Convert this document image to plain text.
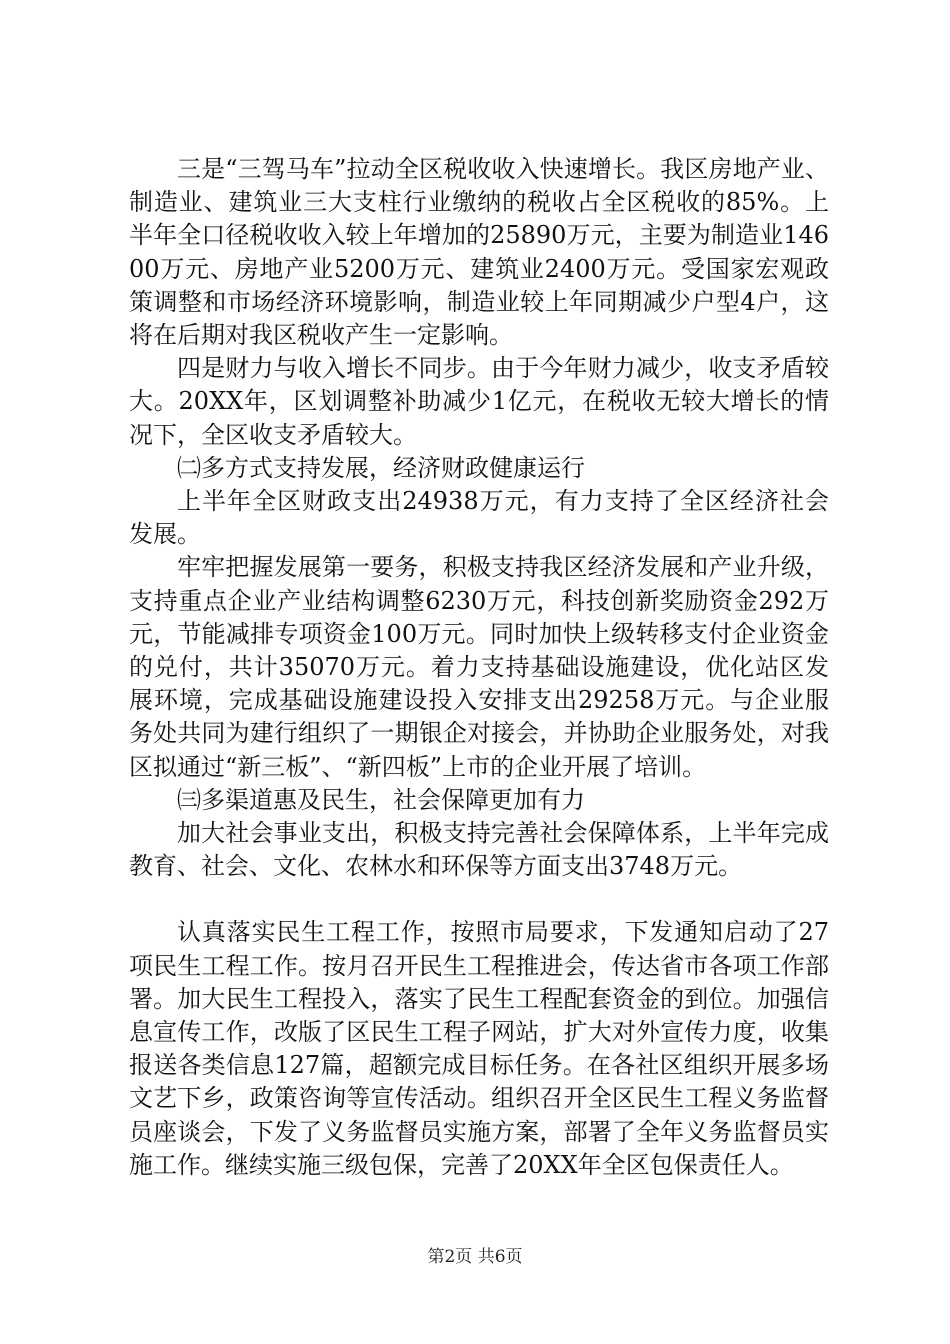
三是“三驾马车”拉动全区税收收入快速增长。我区房地产业、制造业、建筑业三大支柱行业缴纳的税收占全区税收的85%。上半年全口径税收收入较上年增加的25890万元，主要为制造业14600万元、房地产业5200万元、建筑业2400万元。受国家宏观政策调整和市场经济环境影响，制造业较上年同期减少户型4户，这将在后期对我区税收产生一定影响。

四是财力与收入增长不同步。由于今年财力减少，收支矛盾较大。20XX年，区划调整补助减少1亿元，在税收无较大增长的情况下，全区收支矛盾较大。

㈡多方式支持发展，经济财政健康运行

上半年全区财政支出24938万元，有力支持了全区经济社会发展。

牢牢把握发展第一要务，积极支持我区经济发展和产业升级，支持重点企业产业结构调整6230万元，科技创新奖励资金292万元，节能减排专项资金100万元。同时加快上级转移支付企业资金的兑付，共计35070万元。着力支持基础设施建设，优化站区发展环境，完成基础设施建设投入安排支出29258万元。与企业服务处共同为建行组织了一期银企对接会，并协助企业服务处，对我区拟通过“新三板”、“新四板”上市的企业开展了培训。

㈢多渠道惠及民生，社会保障更加有力

加大社会事业支出，积极支持完善社会保障体系，上半年完成教育、社会、文化、农林水和环保等方面支出3748万元。

认真落实民生工程工作，按照市局要求，下发通知启动了27项民生工程工作。按月召开民生工程推进会，传达省市各项工作部署。加大民生工程投入，落实了民生工程配套资金的到位。加强信息宣传工作，改版了区民生工程子网站，扩大对外宣传力度，收集报送各类信息127篇，超额完成目标任务。在各社区组织开展多场文艺下乡，政策咨询等宣传活动。组织召开全区民生工程义务监督员座谈会，下发了义务监督员实施方案，部署了全年义务监督员实施工作。继续实施三级包保，完善了20XX年全区包保责任人。

第2页 共6页
